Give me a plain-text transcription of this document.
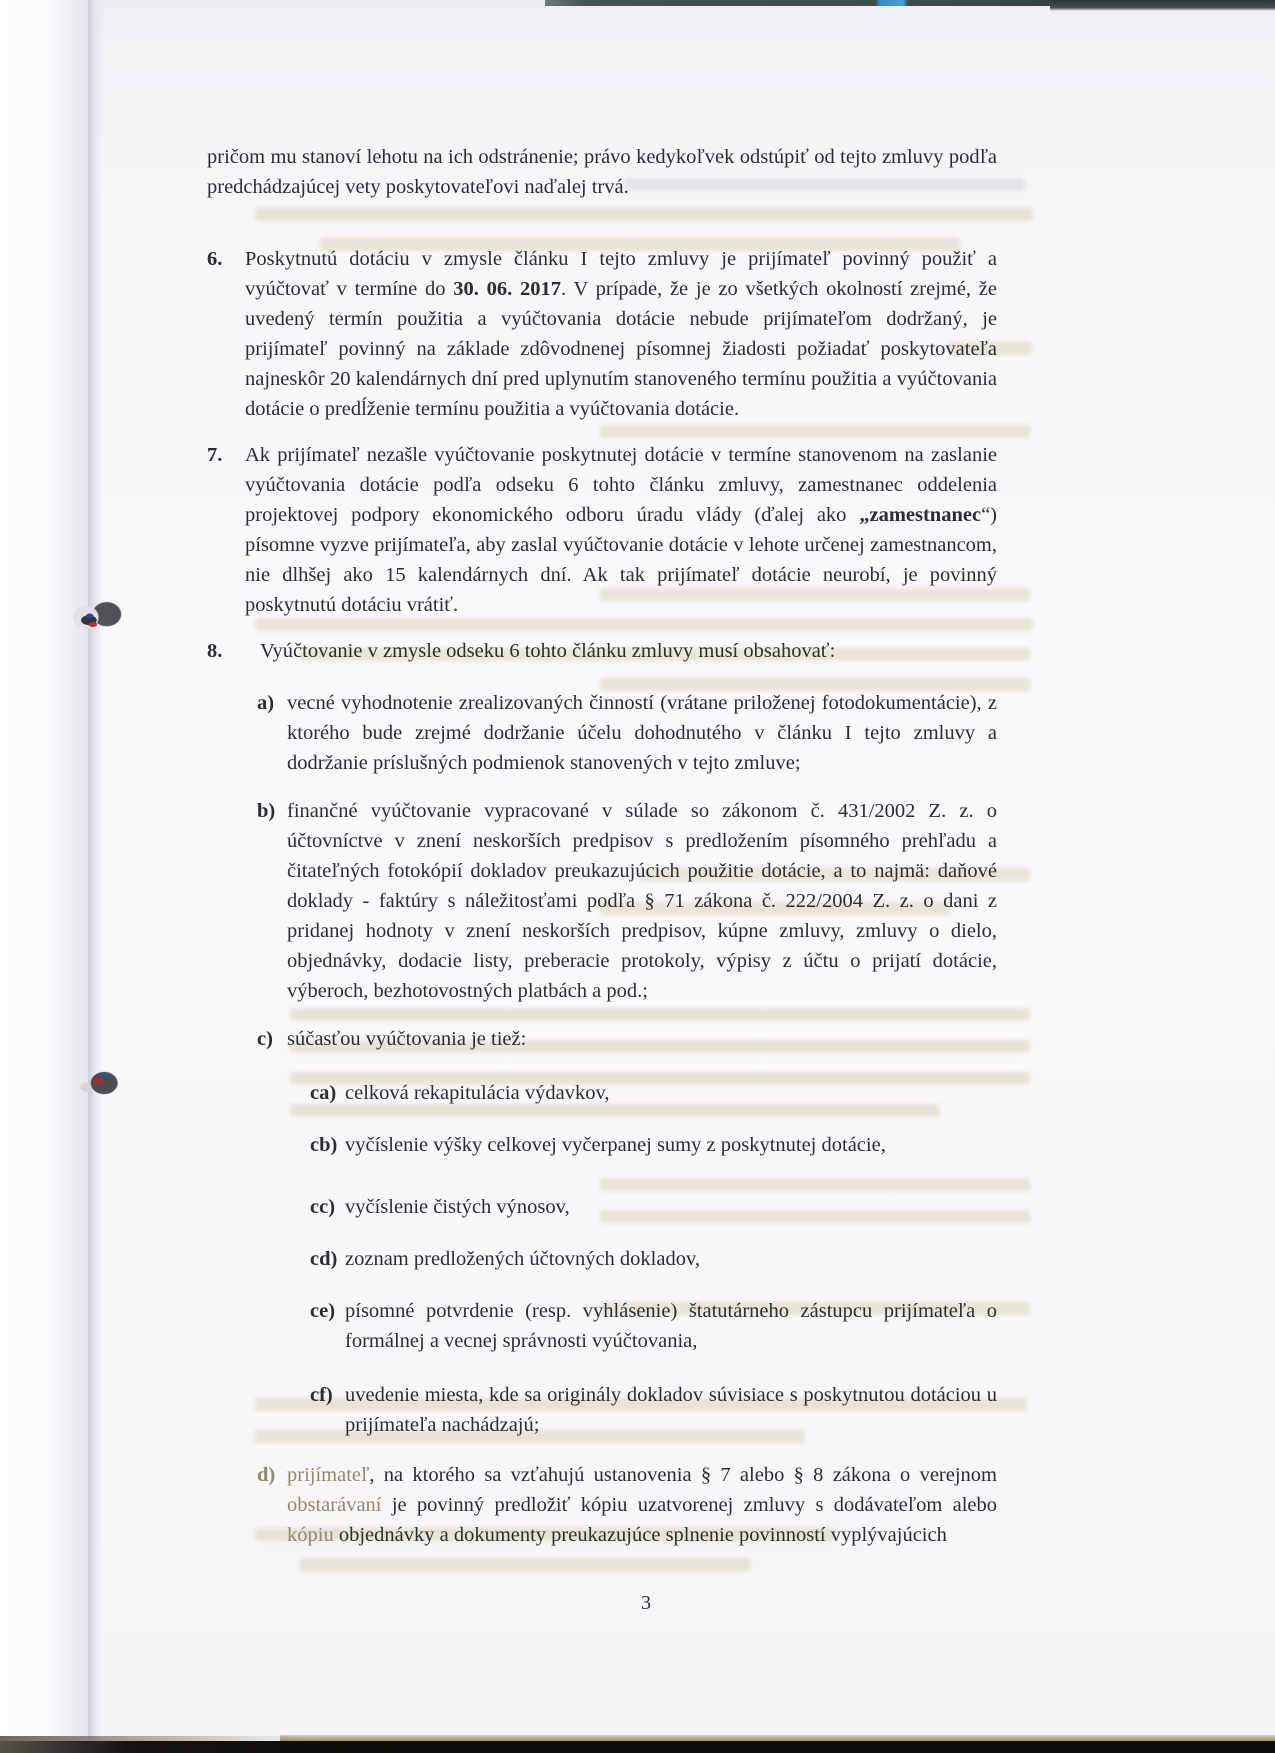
pričom mu stanoví lehotu na ich odstránenie; právo kedykoľvek odstúpiť od tejto zmluvy podľa predchádzajúcej vety poskytovateľovi naďalej trvá.

6.	Poskytnutú dotáciu v zmysle článku I tejto zmluvy je prijímateľ povinný použiť a vyúčtovať v termíne do 30. 06. 2017. V prípade, že je zo všetkých okolností zrejmé, že uvedený termín použitia a vyúčtovania dotácie nebude prijímateľom dodržaný, je prijímateľ povinný na základe zdôvodnenej písomnej žiadosti požiadať poskytovateľa najneskôr 20 kalendárnych dní pred uplynutím stanoveného termínu použitia a vyúčtovania dotácie o predĺženie termínu použitia a vyúčtovania dotácie.

7.	Ak prijímateľ nezašle vyúčtovanie poskytnutej dotácie v termíne stanovenom na zaslanie vyúčtovania dotácie podľa odseku 6 tohto článku zmluvy, zamestnanec oddelenia projektovej podpory ekonomického odboru úradu vlády (ďalej ako „zamestnanec“) písomne vyzve prijímateľa, aby zaslal vyúčtovanie dotácie v lehote určenej zamestnancom, nie dlhšej ako 15 kalendárnych dní. Ak tak prijímateľ dotácie neurobí, je povinný poskytnutú dotáciu vrátiť.

8.	Vyúčtovanie v zmysle odseku 6 tohto článku zmluvy musí obsahovať:

a) vecné vyhodnotenie zrealizovaných činností (vrátane priloženej fotodokumentácie), z ktorého bude zrejmé dodržanie účelu dohodnutého v článku I tejto zmluvy a dodržanie príslušných podmienok stanovených v tejto zmluve;

b) finančné vyúčtovanie vypracované v súlade so zákonom č. 431/2002 Z. z. o účtovníctve v znení neskorších predpisov s predložením písomného prehľadu a čitateľných fotokópií dokladov preukazujúcich použitie dotácie, a to najmä: daňové doklady - faktúry s náležitosťami podľa § 71 zákona č. 222/2004 Z. z. o dani z pridanej hodnoty v znení neskorších predpisov, kúpne zmluvy, zmluvy o dielo, objednávky, dodacie listy, preberacie protokoly, výpisy z účtu o prijatí dotácie, výberoch, bezhotovostných platbách a pod.;

c) súčasťou vyúčtovania je tiež:

ca) celková rekapitulácia výdavkov,

cb) vyčíslenie výšky celkovej vyčerpanej sumy z poskytnutej dotácie,

cc) vyčíslenie čistých výnosov,

cd) zoznam predložených účtovných dokladov,

ce) písomné potvrdenie (resp. vyhlásenie) štatutárneho zástupcu prijímateľa o formálnej a vecnej správnosti vyúčtovania,

cf) uvedenie miesta, kde sa originály dokladov súvisiace s poskytnutou dotáciou u prijímateľa nachádzajú;

d) prijímateľ, na ktorého sa vzťahujú ustanovenia § 7 alebo § 8 zákona o verejnom obstarávaní je povinný predložiť kópiu uzatvorenej zmluvy s dodávateľom alebo kópiu objednávky a dokumenty preukazujúce splnenie povinností vyplývajúcich

3
